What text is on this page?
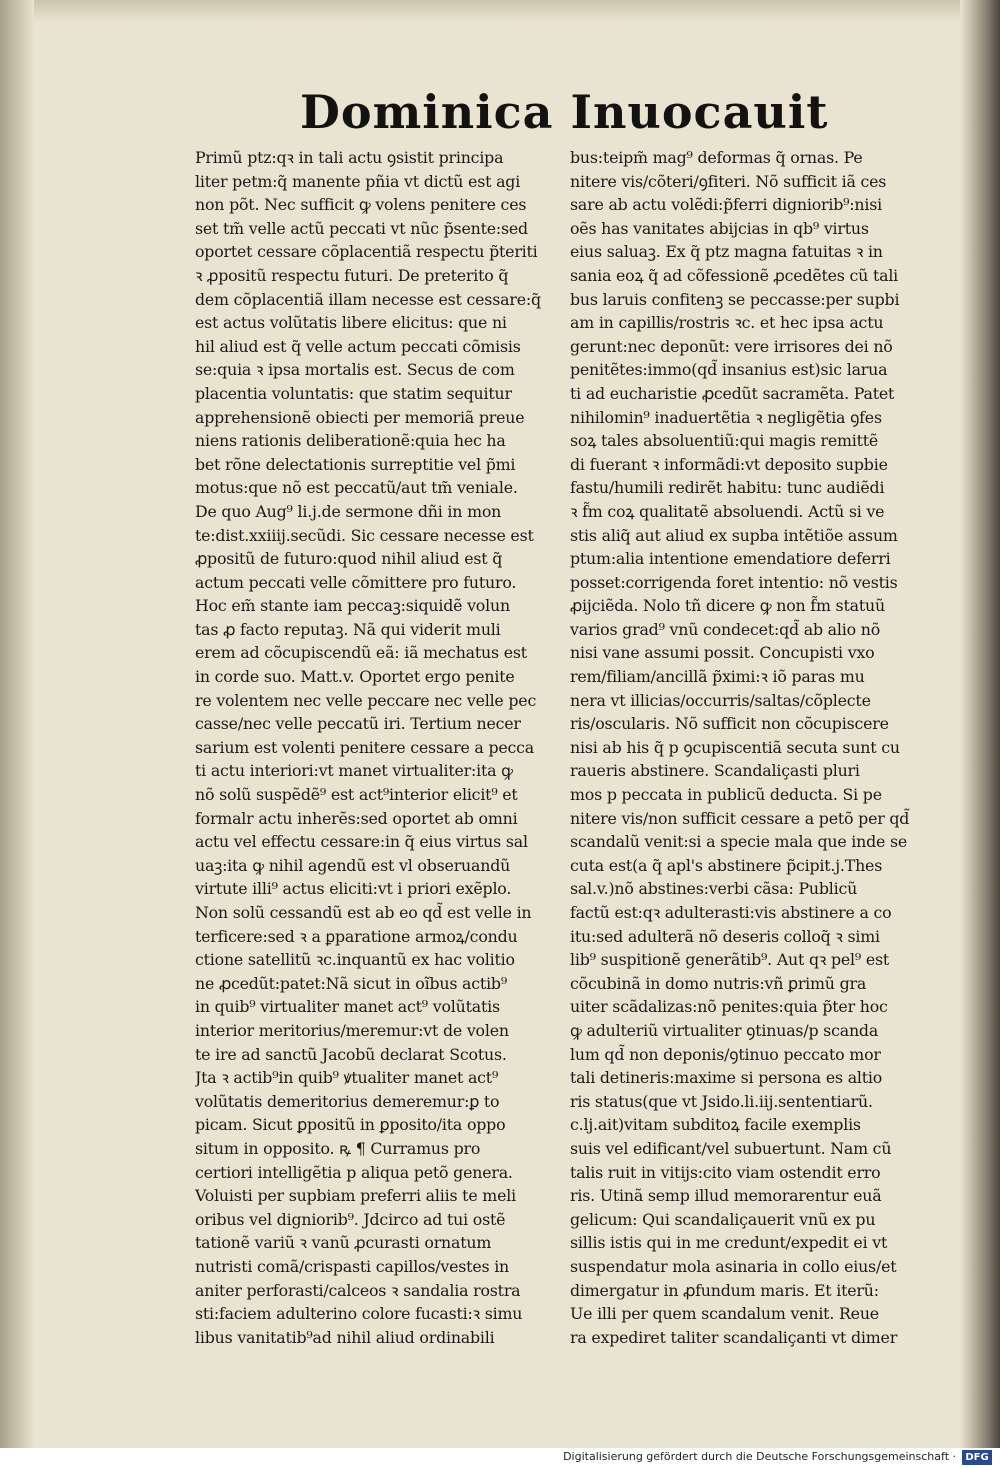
Dominica Inuocauit
Primũ ptz:qꝛ in tali actu ꝯsistit principa
liter petm:q̃ manente pñia vt dictũ est agi
non põt. Nec sufficit ꝙ volens penitere ces
set tm̃ velle actũ peccati vt nũc p̃sente:sed
oportet cessare cõplacentiã respectu p̃teriti
ꝛ ꝓpositũ respectu futuri. De preterito q̃
dem cõplacentiã illam necesse est cessare:q̃
est actus volũtatis libere elicitus: que ni
hil aliud est q̃ velle actum peccati cõmisis
se:quia ꝛ ipsa mortalis est. Secus de com
placentia voluntatis: que statim sequitur
apprehensionẽ obiecti per memoriã preue
niens rationis deliberationẽ:quia hec ha
bet rõne delectationis surreptitie vel p̃mi
motus:que nõ est peccatũ/aut tm̃ veniale.
De quo Aug⁹ li.j.de sermone dñi in mon
te:dist.xxiiij.secũdi. Sic cessare necesse est
ꝓpositũ de futuro:quod nihil aliud est q̃
actum peccati velle cõmittere pro futuro.
Hoc em̃ stante iam peccaꝫ:siquidẽ volun
tas ꝓ facto reputaꝫ. Nã qui viderit muli
erem ad cõcupiscendũ eã: iã mechatus est
in corde suo. Matt.v. Oportet ergo penite
re volentem nec velle peccare nec velle pec
casse/nec velle peccatũ iri. Tertium necer
sarium est volenti penitere cessare a pecca
ti actu interiori:vt manet virtualiter:ita ꝙ
nõ solũ suspẽdẽ⁹ est act⁹interior elicit⁹ et
formalr actu inherẽs:sed oportet ab omni
actu vel effectu cessare:in q̃ eius virtus sal
uaꝫ:ita ꝙ nihil agendũ est vl obseruandũ
virtute illi⁹ actus eliciti:vt i priori exẽplo.
Non solũ cessandũ est ab eo qd̃ est velle in
terficere:sed ꝛ a ꝑparatione armoꝝ/condu
ctione satellitũ ꝛc.inquantũ ex hac volitio
ne ꝓcedũt:patet:Nã sicut in oĩbus actib⁹
in quib⁹ virtualiter manet act⁹ volũtatis
interior meritorius/meremur:vt de volen
te ire ad sanctũ Jacobũ declarat Scotus.
Jta ꝛ actib⁹in quib⁹ ꝟtualiter manet act⁹
volũtatis demeritorius demeremur:ꝑ to
picam. Sicut ꝑpositũ in ꝑposito/ita oppo
situm in opposito. ꝶ ¶ Curramus pro
certiori intelligẽtia p aliqua petõ genera.
Voluisti per supbiam preferri aliis te meli
oribus vel digniorib⁹. Jdcirco ad tui ostẽ
tationẽ variũ ꝛ vanũ ꝓcurasti ornatum
nutristi comã/crispasti capillos/vestes in
aniter perforasti/calceos ꝛ sandalia rostra
sti:faciem adulterino colore fucasti:ꝛ simu
libus vanitatib⁹ad nihil aliud ordinabili
bus:teipm̃ mag⁹ deformas q̃ ornas. Pe
nitere vis/cõteri/ꝯfiteri. Nõ sufficit iã ces
sare ab actu volẽdi:p̃ferri digniorib⁹:nisi
oẽs has vanitates abijcias in qb⁹ virtus
eius saluaꝫ. Ex q̃ ptz magna fatuitas ꝛ in
sania eoꝝ q̃ ad cõfessionẽ ꝓcedẽtes cũ tali
bus laruis confitenꝫ se peccasse:per supbi
am in capillis/rostris ꝛc. et hec ipsa actu
gerunt:nec deponũt: vere irrisores dei nõ
penitẽtes:immo(qd̃ insanius est)sic larua
ti ad eucharistie ꝓcedũt sacramẽta. Patet
nihilomin⁹ inaduertẽtia ꝛ negligẽtia ꝯfes
soꝝ tales absoluentiũ:qui magis remittẽ
di fuerant ꝛ informãdi:vt deposito supbie
fastu/humili redirẽt habitu: tunc audiẽdi
ꝛ f̃m coꝝ qualitatẽ absoluendi. Actũ si ve
stis aliq̃ aut aliud ex supba intẽtiõe assum
ptum:alia intentione emendatiore deferri
posset:corrigenda foret intentio: nõ vestis
ꝓijciẽda. Nolo tñ dicere ꝙ non f̃m statuũ
varios grad⁹ vnũ condecet:qd̃ ab alio nõ
nisi vane assumi possit. Concupisti vxo
rem/filiam/ancillã p̃ximi:ꝛ iõ paras mu
nera vt illicias/occurris/saltas/cõplecte
ris/oscularis. Nõ sufficit non cõcupiscere
nisi ab his q̃ p ꝯcupiscentiã secuta sunt cu
raueris abstinere. Scandaliçasti pluri
mos p peccata in publicũ deducta. Si pe
nitere vis/non sufficit cessare a petõ per qd̃
scandalũ venit:si a specie mala que inde se
cuta est(a q̃ apl's abstinere p̃cipit.j.Thes
sal.v.)nõ abstines:verbi cãsa: Publicũ
factũ est:qꝛ adulterasti:vis abstinere a co
itu:sed adulterã nõ deseris colloq̃ ꝛ simi
lib⁹ suspitionẽ generãtib⁹. Aut qꝛ pel⁹ est
cõcubinã in domo nutris:vñ ꝑrimũ gra
uiter scãdalizas:nõ penites:quia p̃ter hoc
ꝙ adulteriũ virtualiter ꝯtinuas/p scanda
lum qd̃ non deponis/ꝯtinuo peccato mor
tali detineris:maxime si persona es altio
ris status(que vt Jsido.li.iij.sententiarũ.
c.lj.ait)vitam subditoꝝ facile exemplis
suis vel edificant/vel subuertunt. Nam cũ
talis ruit in vitijs:cito viam ostendit erro
ris. Utinã semp illud memorarentur euã
gelicum: Qui scandaliçauerit vnũ ex pu
sillis istis qui in me credunt/expedit ei vt
suspendatur mola asinaria in collo eius/et
dimergatur in ꝓfundum maris. Et iterũ:
Ue illi per quem scandalum venit. Reue
ra expediret taliter scandaliçanti vt dimer
Digitalisierung gefördert durch die Deutsche Forschungsgemeinschaft · DFG
